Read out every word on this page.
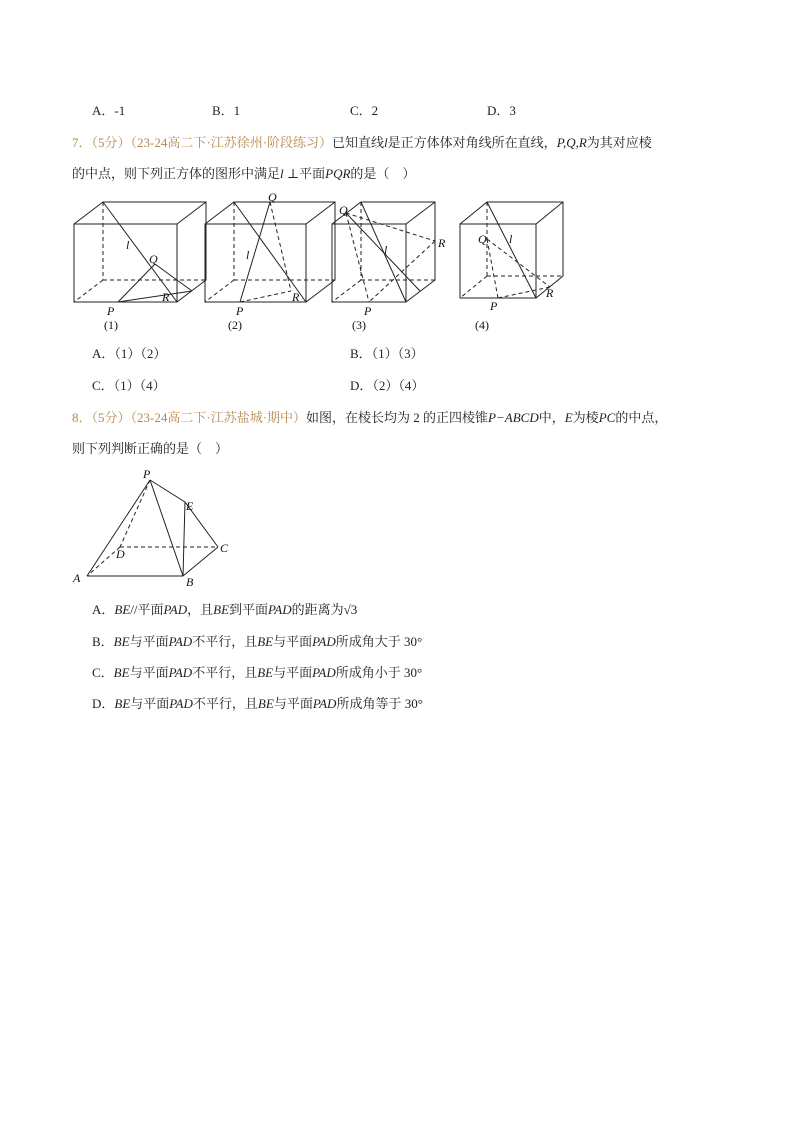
A．-1	B．1	C．2	D．3
7．（5分）（23-24高二下·江苏徐州·阶段练习）已知直线l是正方体体对角线所在直线，P,Q,R为其对应棱
的中点，则下列正方体的图形中满足l ⊥平面PQR的是（　）
l
Q
R
P
(1)
l
Q
R
P
(2)
l
Q
R
P
(3)
l
Q
R
P
(4)
A．（1）（2）	B．（1）（3）
C．（1）（4）	D．（2）（4）
8．（5分）（23-24高二下·江苏盐城·期中）如图，在棱长均为 2 的正四棱锥P−ABCD中，E为棱PC的中点，
则下列判断正确的是（　）
P
E
D	C
A	B
A．BE//平面PAD，且BE到平面PAD的距离为√3
B．BE与平面PAD不平行，且BE与平面PAD所成角大于 30°
C．BE与平面PAD不平行，且BE与平面PAD所成角小于 30°
D．BE与平面PAD不平行，且BE与平面PAD所成角等于 30°
